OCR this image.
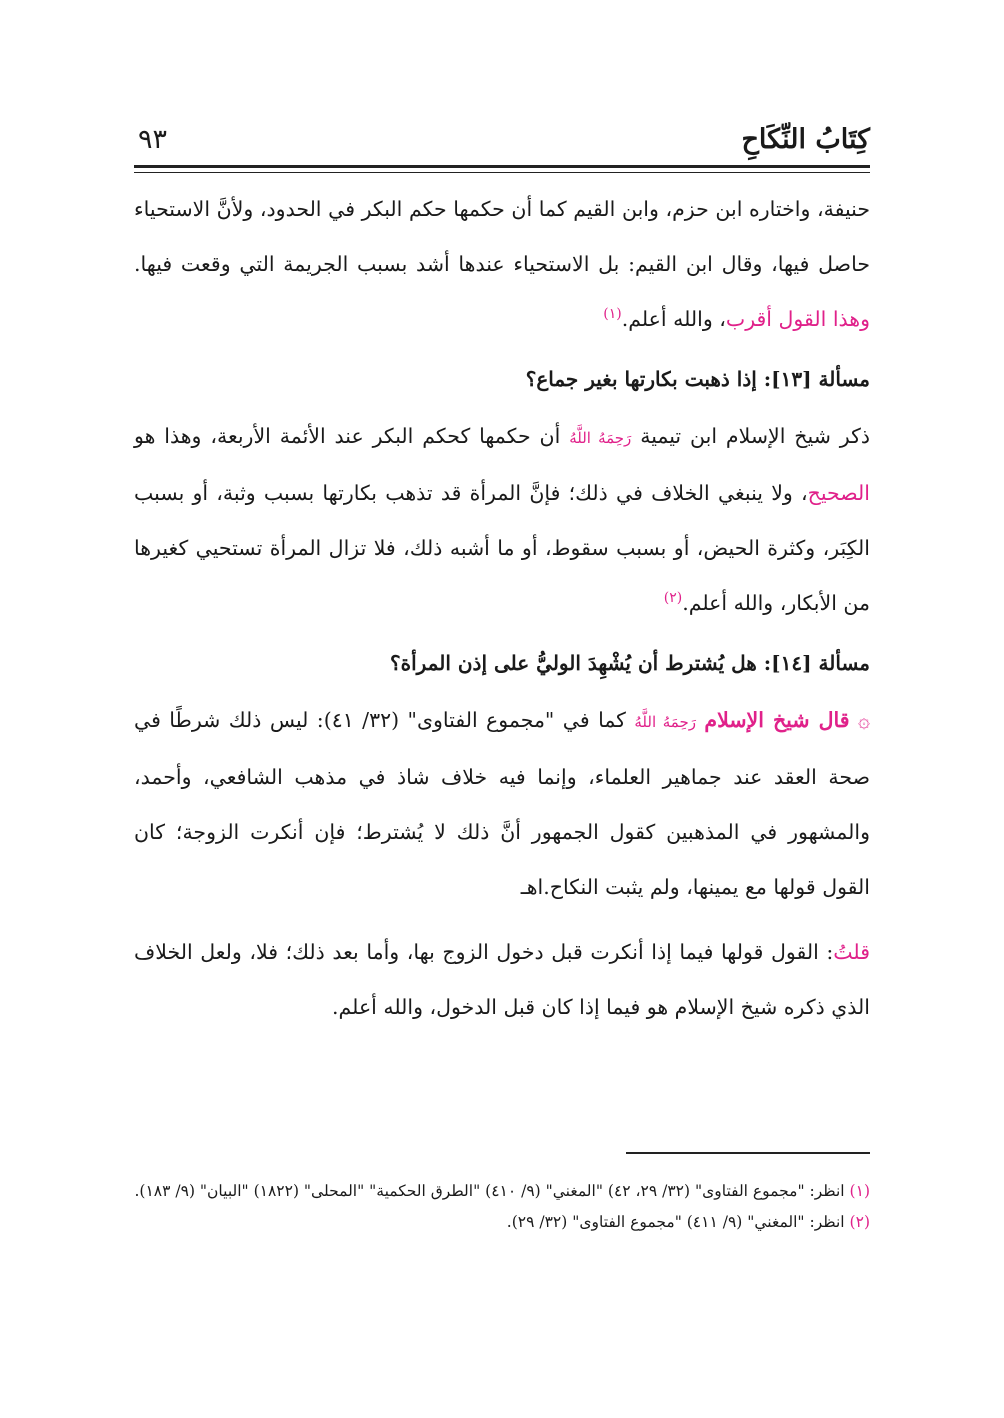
كِتَابُ النِّكَاحِ
٩٣

حنيفة، واختاره ابن حزم، وابن القيم كما أن حكمها حكم البكر في الحدود، ولأنَّ الاستحياء حاصل فيها، وقال ابن القيم: بل الاستحياء عندها أشد بسبب الجريمة التي وقعت فيها. وهذا القول أقرب، والله أعلم.$^{(١)}$

مسألة [١٣]: إذا ذهبت بكارتها بغير جماع؟

ذكر شيخ الإسلام ابن تيمية رَحِمَهُ اللَّهُ أن حكمها كحكم البكر عند الأئمة الأربعة، وهذا هو الصحيح، ولا ينبغي الخلاف في ذلك؛ فإنَّ المرأة قد تذهب بكارتها بسبب وثبة، أو بسبب الكِبَر، وكثرة الحيض، أو بسبب سقوط، أو ما أشبه ذلك، فلا تزال المرأة تستحيي كغيرها من الأبكار، والله أعلم.$^{(٢)}$

مسألة [١٤]: هل يُشترط أن يُشْهِدَ الوليُّ على إذن المرأة؟

۞ قال شيخ الإسلام رَحِمَهُ اللَّهُ كما في "مجموع الفتاوى" (٣٢/ ٤١): ليس ذلك شرطًا في صحة العقد عند جماهير العلماء، وإنما فيه خلاف شاذ في مذهب الشافعي، وأحمد، والمشهور في المذهبين كقول الجمهور أنَّ ذلك لا يُشترط؛ فإن أنكرت الزوجة؛ كان القول قولها مع يمينها، ولم يثبت النكاح.اهـ

قلتُ: القول قولها فيما إذا أنكرت قبل دخول الزوج بها، وأما بعد ذلك؛ فلا، ولعل الخلاف الذي ذكره شيخ الإسلام هو فيما إذا كان قبل الدخول، والله أعلم.

(١) انظر: "مجموع الفتاوى" (٣٢/ ٢٩، ٤٢) "المغني" (٩/ ٤١٠) "الطرق الحكمية" "المحلى" (١٨٢٢) "البيان" (٩/ ١٨٣).
(٢) انظر: "المغني" (٩/ ٤١١) "مجموع الفتاوى" (٣٢/ ٢٩).
